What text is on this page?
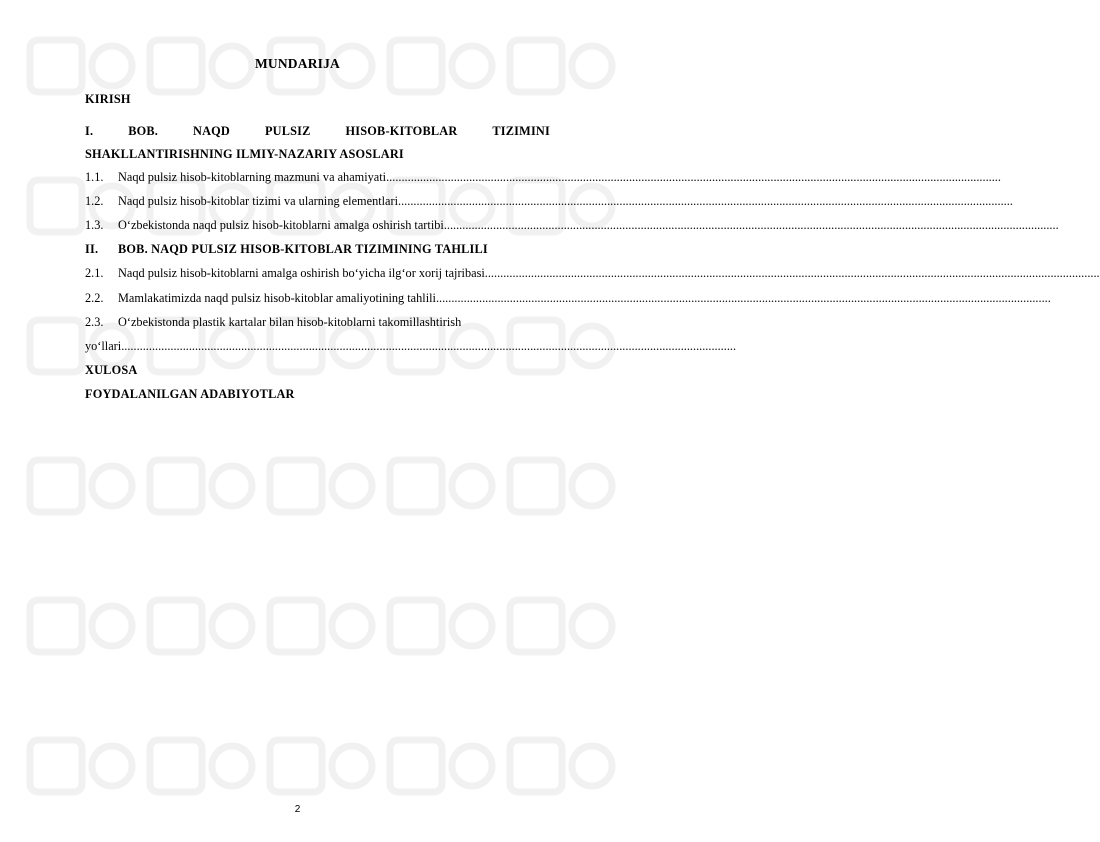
MUNDARIJA
KIRISH
I.	BOB.	NAQD	PULSIZ	HISOB-KITOBLAR	TIZIMINI
SHAKLLANTIRISHNING ILMIY-NAZARIY ASOSLARI
1.1.	Naqd pulsiz hisob-kitoblarning mazmuni va ahamiyati ........................................................................................................................................................................................................
1.2.	Naqd pulsiz hisob-kitoblar tizimi va ularning elementlari ........................................................................................................................................................................................................
1.3.	O‘zbekistonda naqd pulsiz hisob-kitoblarni amalga oshirish tartibi ........................................................................................................................................................................................................
II. BOB. NAQD PULSIZ HISOB-KITOBLAR TIZIMINING TAHLILI
2.1.	Naqd pulsiz hisob-kitoblarni amalga oshirish bo‘yicha ilg‘or xorij tajribasi ........................................................................................................................................................................................................
2.2.	Mamlakatimizda naqd pulsiz hisob-kitoblar amaliyotining tahlili ........................................................................................................................................................................................................
2.3. O‘zbekistonda plastik kartalar bilan hisob-kitoblarni takomillashtirish
yo‘llari ........................................................................................................................................................................................................
XULOSA
FOYDALANILGAN ADABIYOTLAR
2
